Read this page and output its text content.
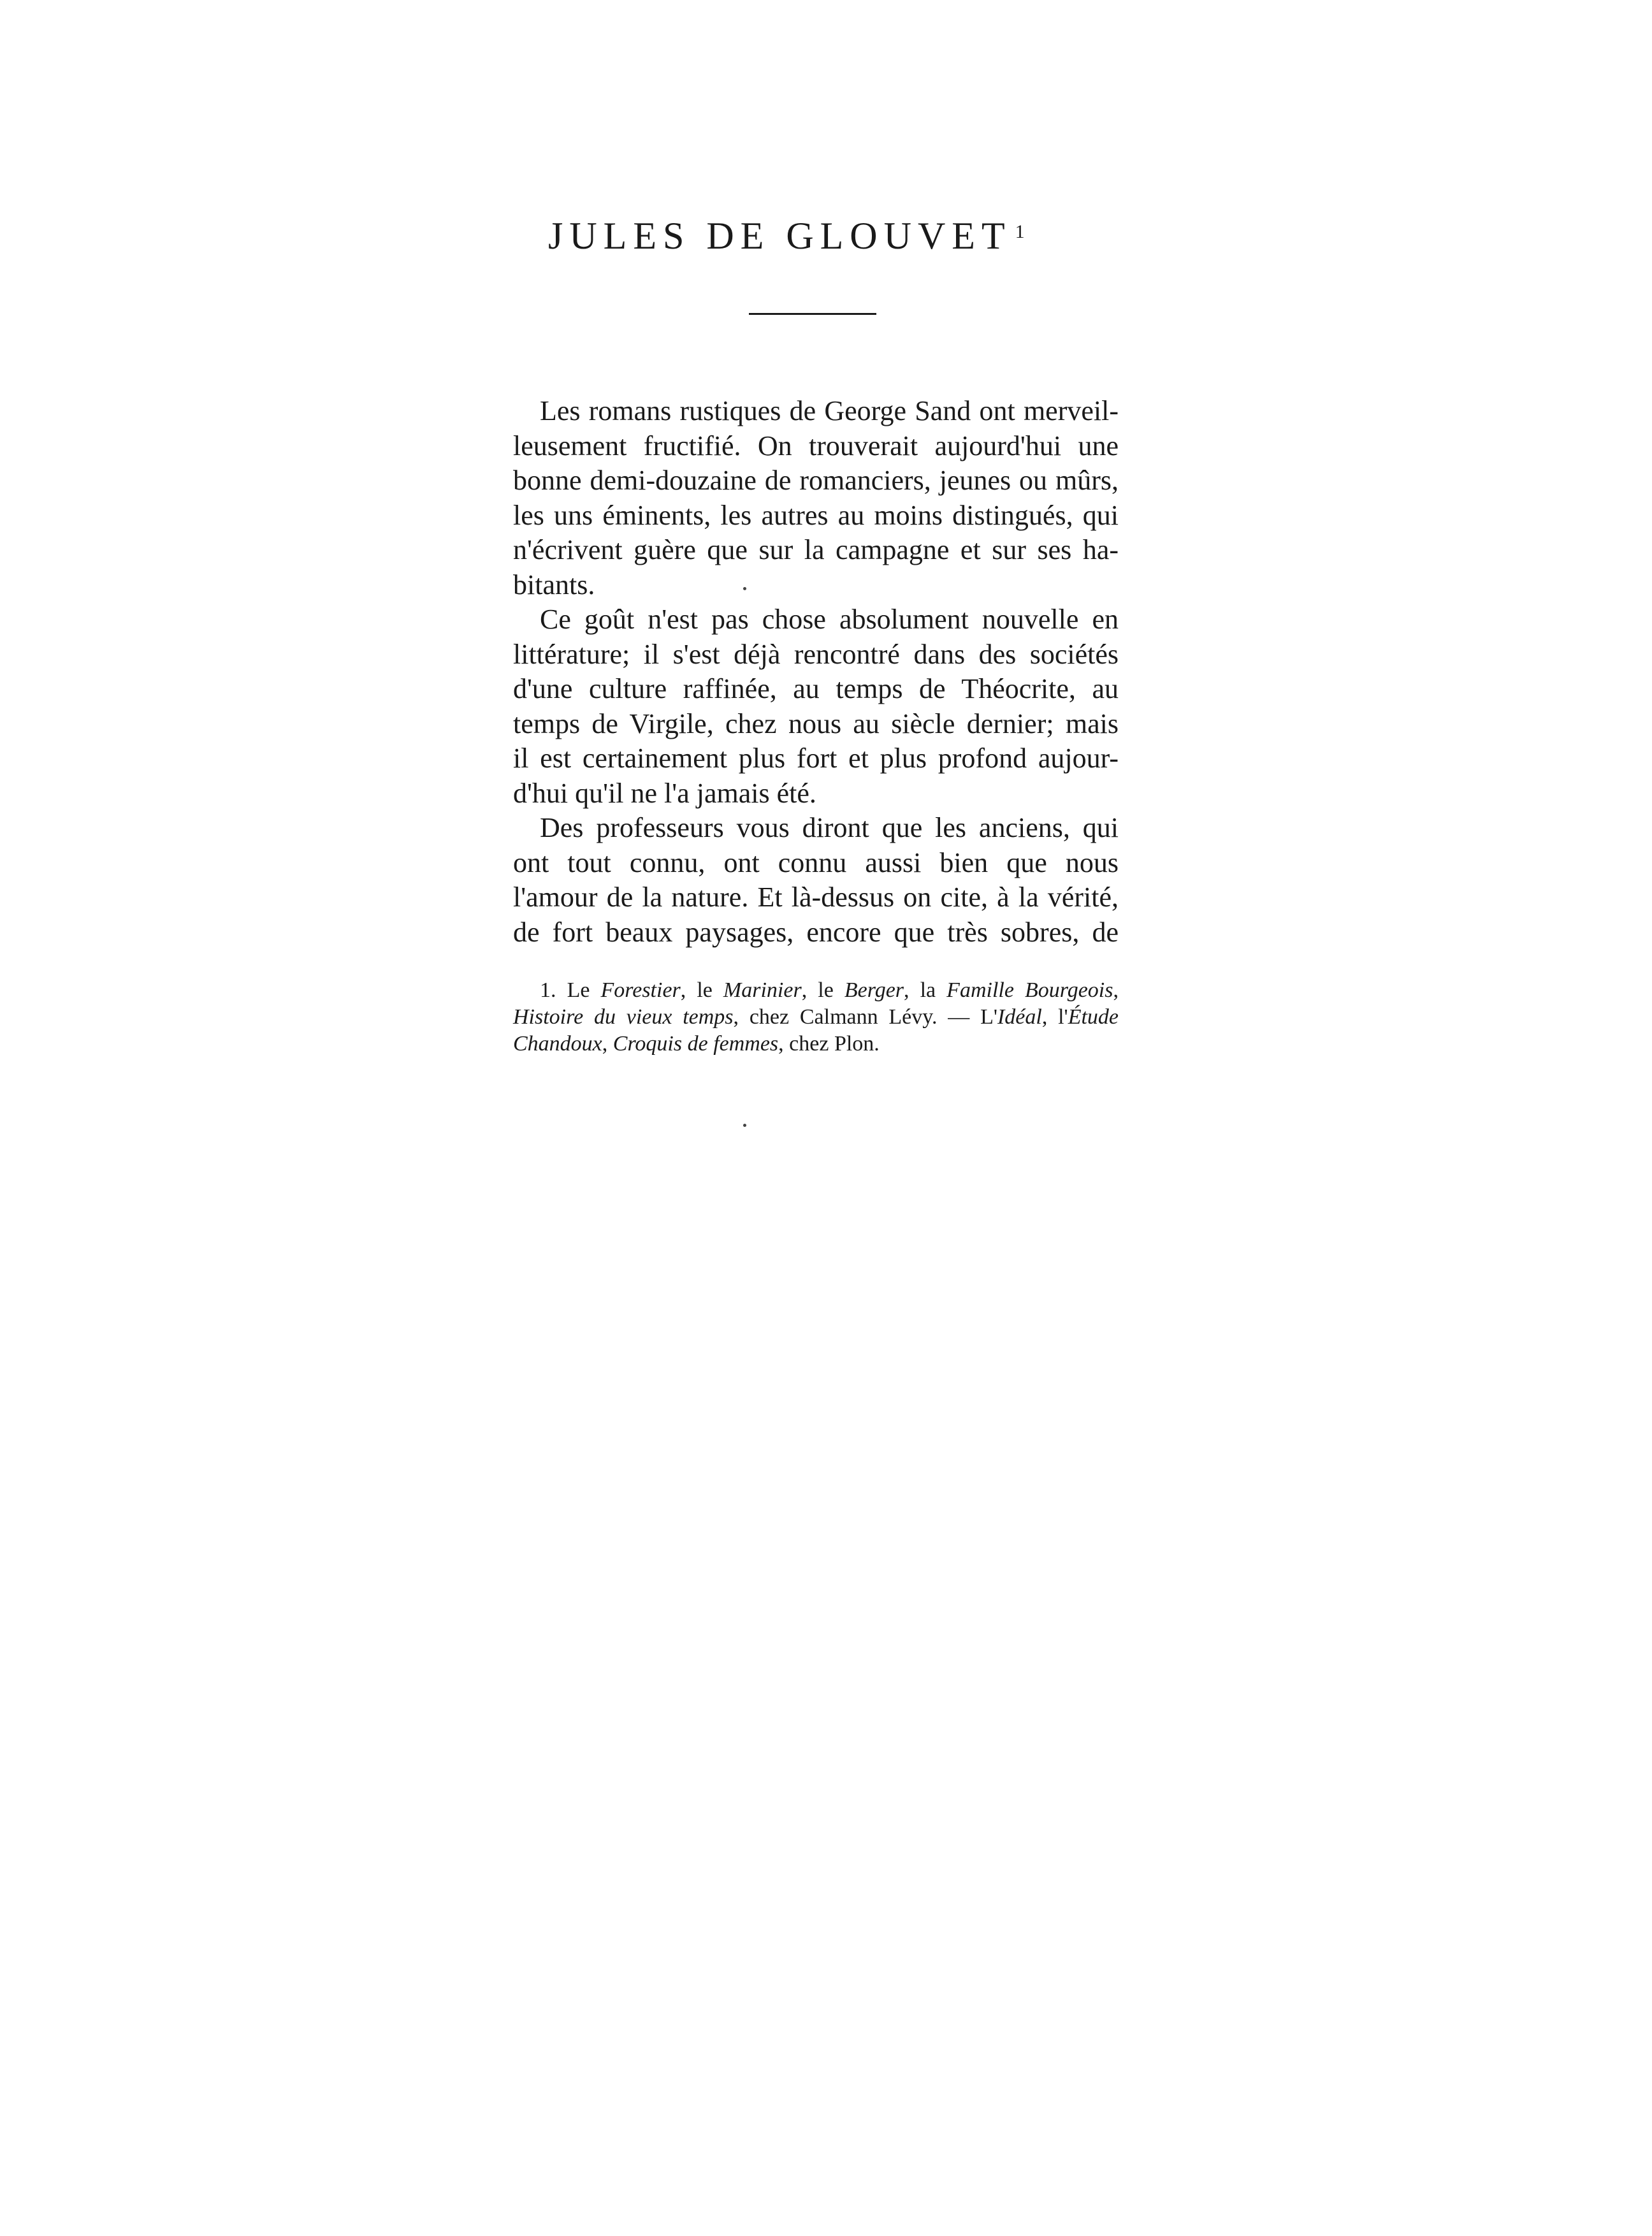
JULES DE GLOUVET $^1$
Les romans rustiques de George Sand ont merveil-
leusement fructifié. On trouverait aujourd'hui une
bonne demi-douzaine de romanciers, jeunes ou mûrs,
les uns éminents, les autres au moins distingués, qui
n'écrivent guère que sur la campagne et sur ses ha-
bitants.
Ce goût n'est pas chose absolument nouvelle en
littérature; il s'est déjà rencontré dans des sociétés
d'une culture raffinée, au temps de Théocrite, au
temps de Virgile, chez nous au siècle dernier; mais
il est certainement plus fort et plus profond aujour-
d'hui qu'il ne l'a jamais été.
Des professeurs vous diront que les anciens, qui
ont tout connu, ont connu aussi bien que nous
l'amour de la nature. Et là-dessus on cite, à la vérité,
de fort beaux paysages, encore que très sobres, de
1. Le Forestier, le Marinier, le Berger, la Famille Bourgeois,
Histoire du vieux temps, chez Calmann Lévy. — L'Idéal, l'Étude
Chandoux, Croquis de femmes, chez Plon.
